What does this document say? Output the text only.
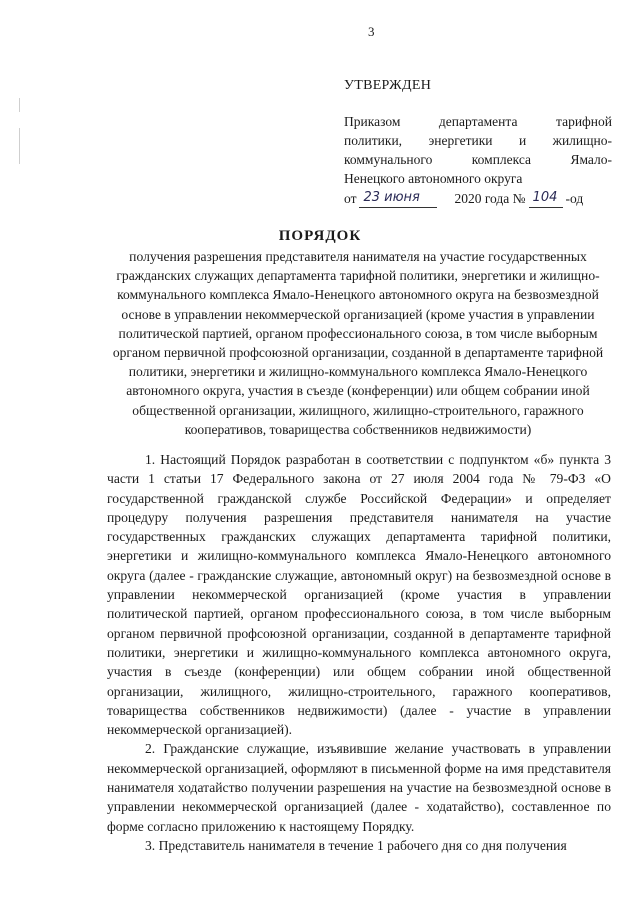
3
УТВЕРЖДЕН
Приказом департамента тарифной
политики, энергетики и жилищно-
коммунального комплекса Ямало-
Ненецкого автономного округа
от 23 июня	2020 года № 104 -од
ПОРЯДОК
получения разрешения представителя нанимателя на участие государственных гражданских служащих департамента тарифной политики, энергетики и жилищно-коммунального комплекса Ямало-Ненецкого автономного округа на безвозмездной основе в управлении некоммерческой организацией (кроме участия в управлении политической партией, органом профессионального союза, в том числе выборным органом первичной профсоюзной организации, созданной в департаменте тарифной политики, энергетики и жилищно-коммунального комплекса Ямало-Ненецкого автономного округа, участия в съезде (конференции) или общем собрании иной общественной организации, жилищного, жилищно-строительного, гаражного кооперативов, товарищества собственников недвижимости)

1. Настоящий Порядок разработан в соответствии с подпунктом «б» пункта 3 части 1 статьи 17 Федерального закона от 27 июля 2004 года № 79-ФЗ «О государственной гражданской службе Российской Федерации» и определяет процедуру получения разрешения представителя нанимателя на участие государственных гражданских служащих департамента тарифной политики, энергетики и жилищно-коммунального комплекса Ямало-Ненецкого автономного округа (далее - гражданские служащие, автономный округ) на безвозмездной основе в управлении некоммерческой организацией (кроме участия в управлении политической партией, органом профессионального союза, в том числе выборным органом первичной профсоюзной организации, созданной в департаменте тарифной политики, энергетики и жилищно-коммунального комплекса автономного округа, участия в съезде (конференции) или общем собрании иной общественной организации, жилищного, жилищно-строительного, гаражного кооперативов, товарищества собственников недвижимости) (далее - участие в управлении некоммерческой организацией).

2. Гражданские служащие, изъявившие желание участвовать в управлении некоммерческой организацией, оформляют в письменной форме на имя представителя нанимателя ходатайство получении разрешения на участие на безвозмездной основе в управлении некоммерческой организацией (далее - ходатайство), составленное по форме согласно приложению к настоящему Порядку.

3. Представитель нанимателя в течение 1 рабочего дня со дня получения
